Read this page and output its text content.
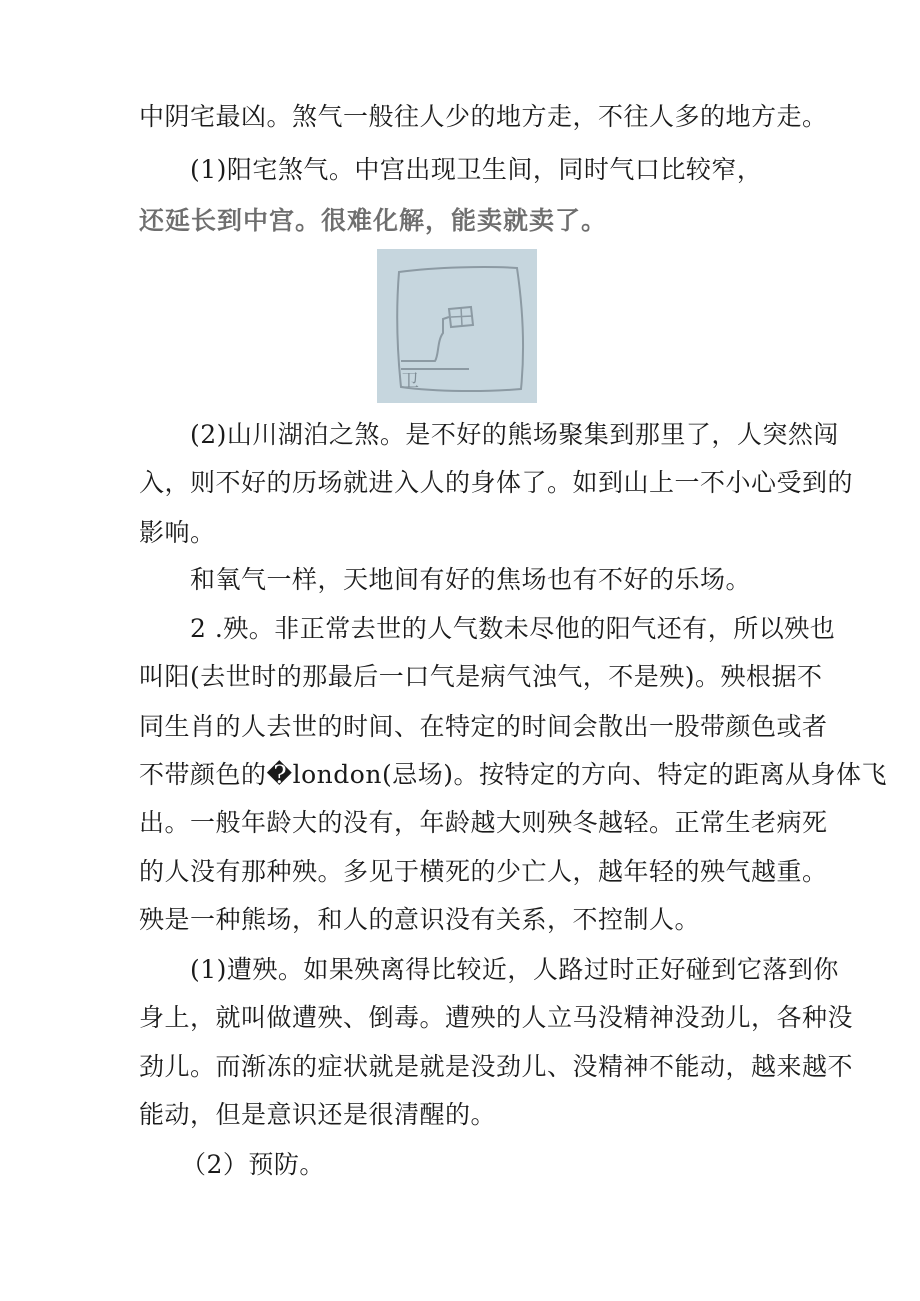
中阴宅最凶。煞气一般往人少的地方走，不往人多的地方走。
(1)阳宅煞气。中宫出现卫生间，同时气口比较窄，
还延长到中宫。很难化解，能卖就卖了。
卫
(2)山川湖泊之煞。是不好的熊场聚集到那里了，人突然闯
入，则不好的历场就进入人的身体了。如到山上一不小心受到的
影响。
和氧气一样，天地间有好的焦场也有不好的乐场。
2 .殃。非正常去世的人气数未尽他的阳气还有，所以殃也
叫阳(去世时的那最后一口气是病气浊气，不是殃)。殃根据不
同生肖的人去世的时间、在特定的时间会散出一股带颜色或者
不带颜色的�london(忌场)。按特定的方向、特定的距离从身体飞
出。一般年龄大的没有，年龄越大则殃冬越轻。正常生老病死
的人没有那种殃。多见于横死的少亡人，越年轻的殃气越重。
殃是一种熊场，和人的意识没有关系，不控制人。
(1)遭殃。如果殃离得比较近，人路过时正好碰到它落到你
身上，就叫做遭殃、倒毒。遭殃的人立马没精神没劲儿，各种没
劲儿。而渐冻的症状就是就是没劲儿、没精神不能动，越来越不
能动，但是意识还是很清醒的。
（2）预防。
